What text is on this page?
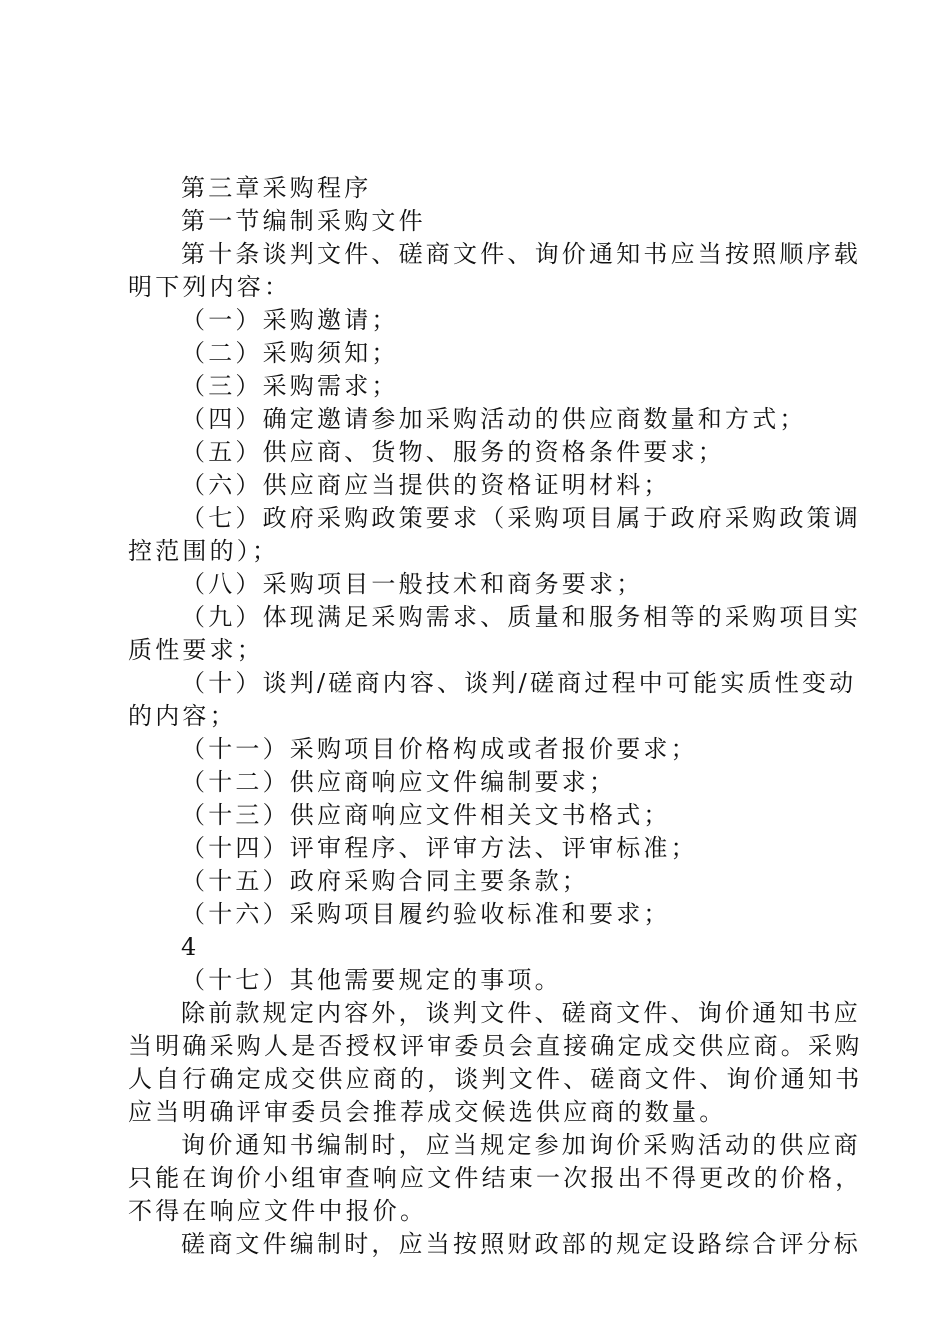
第三章采购程序
第一节编制采购文件
第十条谈判文件、磋商文件、询价通知书应当按照顺序载
明下列内容：
（一）采购邀请；
（二）采购须知；
（三）采购需求；
（四）确定邀请参加采购活动的供应商数量和方式；
（五）供应商、货物、服务的资格条件要求；
（六）供应商应当提供的资格证明材料；
（七）政府采购政策要求（采购项目属于政府采购政策调
控范围的）；
（八）采购项目一般技术和商务要求；
（九）体现满足采购需求、质量和服务相等的采购项目实
质性要求；
（十）谈判/磋商内容、谈判/磋商过程中可能实质性变动
的内容；
（十一）采购项目价格构成或者报价要求；
（十二）供应商响应文件编制要求；
（十三）供应商响应文件相关文书格式；
（十四）评审程序、评审方法、评审标准；
（十五）政府采购合同主要条款；
（十六）采购项目履约验收标准和要求；
4
（十七）其他需要规定的事项。
除前款规定内容外，谈判文件、磋商文件、询价通知书应
当明确采购人是否授权评审委员会直接确定成交供应商。采购
人自行确定成交供应商的，谈判文件、磋商文件、询价通知书
应当明确评审委员会推荐成交候选供应商的数量。
询价通知书编制时，应当规定参加询价采购活动的供应商
只能在询价小组审查响应文件结束一次报出不得更改的价格，
不得在响应文件中报价。
磋商文件编制时，应当按照财政部的规定设路综合评分标
